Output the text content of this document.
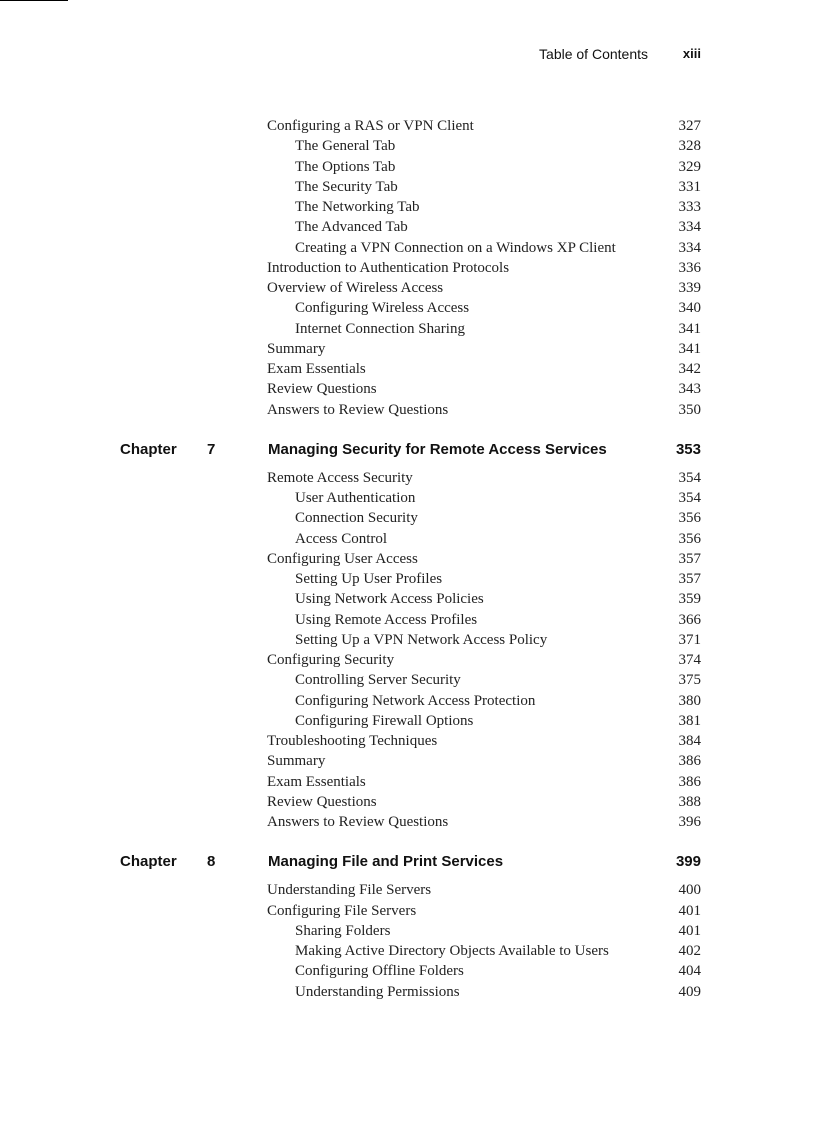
Table of Contents	xiii
Configuring a RAS or VPN Client	327
The General Tab	328
The Options Tab	329
The Security Tab	331
The Networking Tab	333
The Advanced Tab	334
Creating a VPN Connection on a Windows XP Client	334
Introduction to Authentication Protocols	336
Overview of Wireless Access	339
Configuring Wireless Access	340
Internet Connection Sharing	341
Summary	341
Exam Essentials	342
Review Questions	343
Answers to Review Questions	350
Chapter 7	Managing Security for Remote Access Services	353
Remote Access Security	354
User Authentication	354
Connection Security	356
Access Control	356
Configuring User Access	357
Setting Up User Profiles	357
Using Network Access Policies	359
Using Remote Access Profiles	366
Setting Up a VPN Network Access Policy	371
Configuring Security	374
Controlling Server Security	375
Configuring Network Access Protection	380
Configuring Firewall Options	381
Troubleshooting Techniques	384
Summary	386
Exam Essentials	386
Review Questions	388
Answers to Review Questions	396
Chapter 8	Managing File and Print Services	399
Understanding File Servers	400
Configuring File Servers	401
Sharing Folders	401
Making Active Directory Objects Available to Users	402
Configuring Offline Folders	404
Understanding Permissions	409
